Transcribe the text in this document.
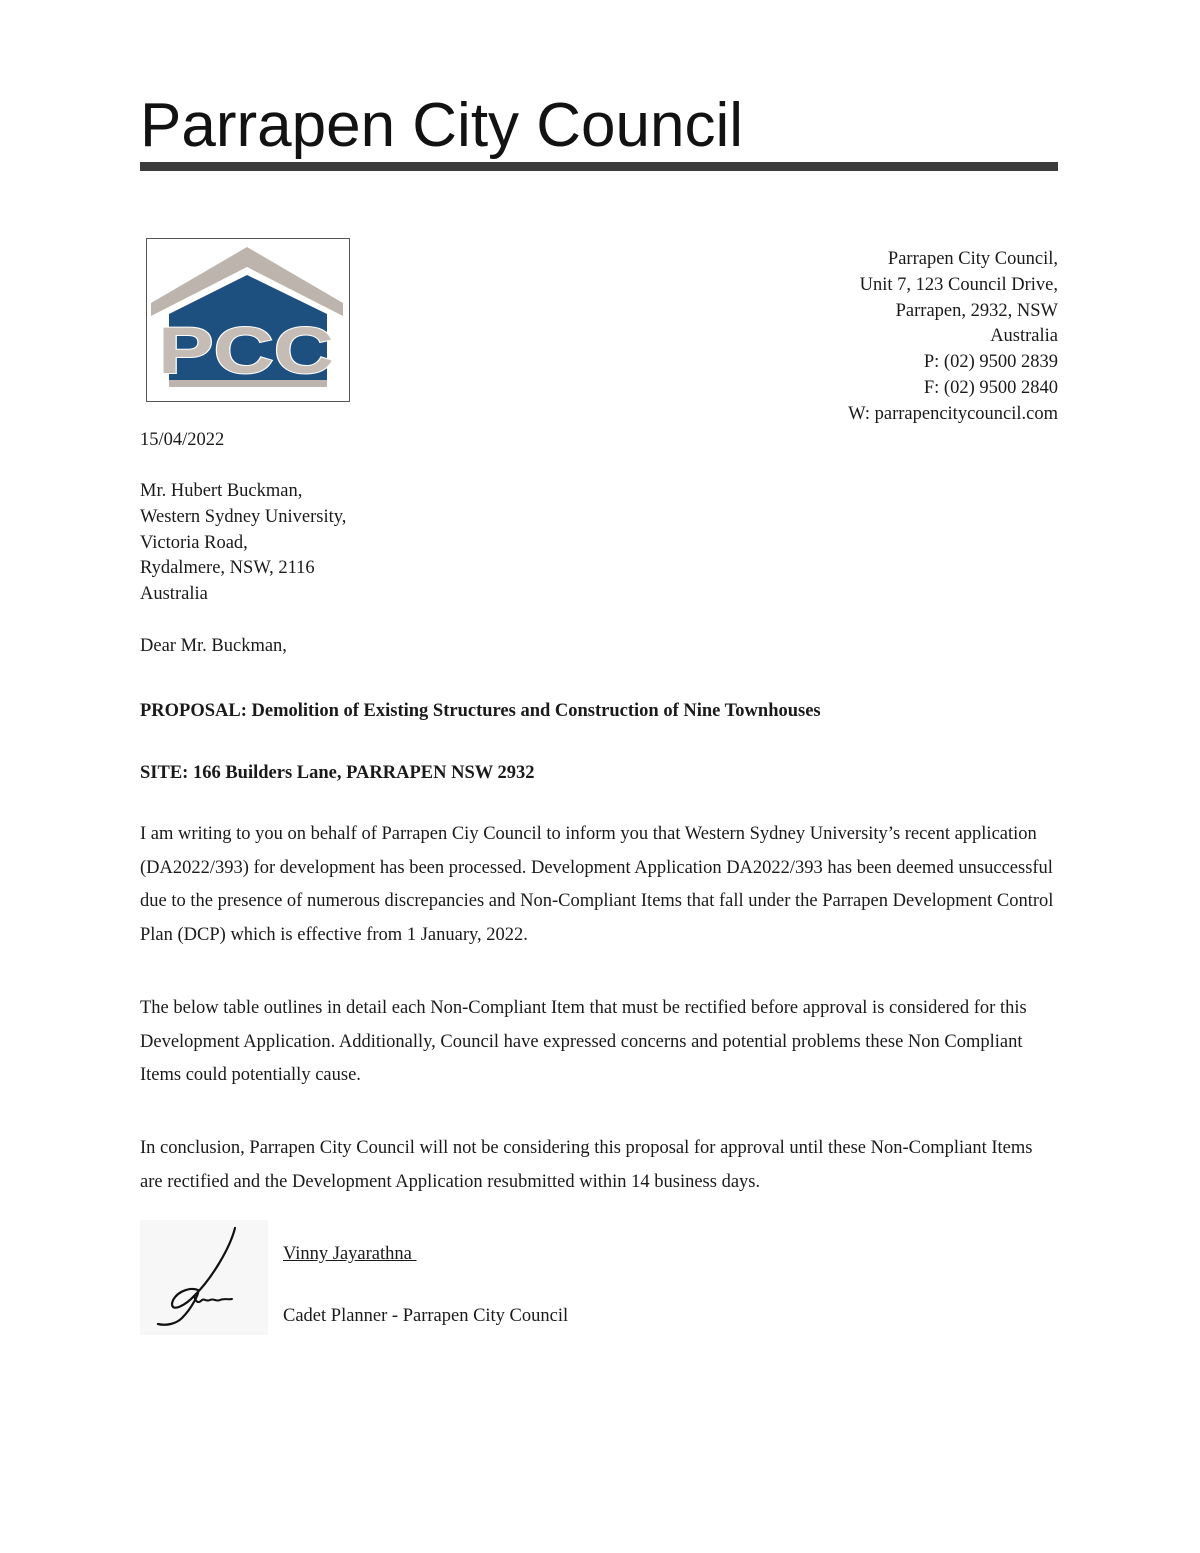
Parrapen City Council
PCC
Parrapen City Council,
Unit 7, 123 Council Drive,
Parrapen, 2932, NSW
Australia
P: (02) 9500 2839
F: (02) 9500 2840
W: parrapencitycouncil.com
15/04/2022
Mr. Hubert Buckman,
Western Sydney University,
Victoria Road,
Rydalmere, NSW, 2116
Australia
Dear Mr. Buckman,
PROPOSAL: Demolition of Existing Structures and Construction of Nine Townhouses
SITE: 166 Builders Lane, PARRAPEN NSW 2932
I am writing to you on behalf of Parrapen Ciy Council to inform you that Western Sydney University’s recent application (DA2022/393) for development has been processed. Development Application DA2022/393 has been deemed unsuccessful due to the presence of numerous discrepancies and Non-Compliant Items that fall under the Parrapen Development Control Plan (DCP) which is effective from 1 January, 2022.
The below table outlines in detail each Non-Compliant Item that must be rectified before approval is considered for this Development Application. Additionally, Council have expressed concerns and potential problems these Non Compliant Items could potentially cause.
In conclusion, Parrapen City Council will not be considering this proposal for approval until these Non-Compliant Items are rectified and the Development Application resubmitted within 14 business days.
Vinny Jayarathna
Cadet Planner - Parrapen City Council
